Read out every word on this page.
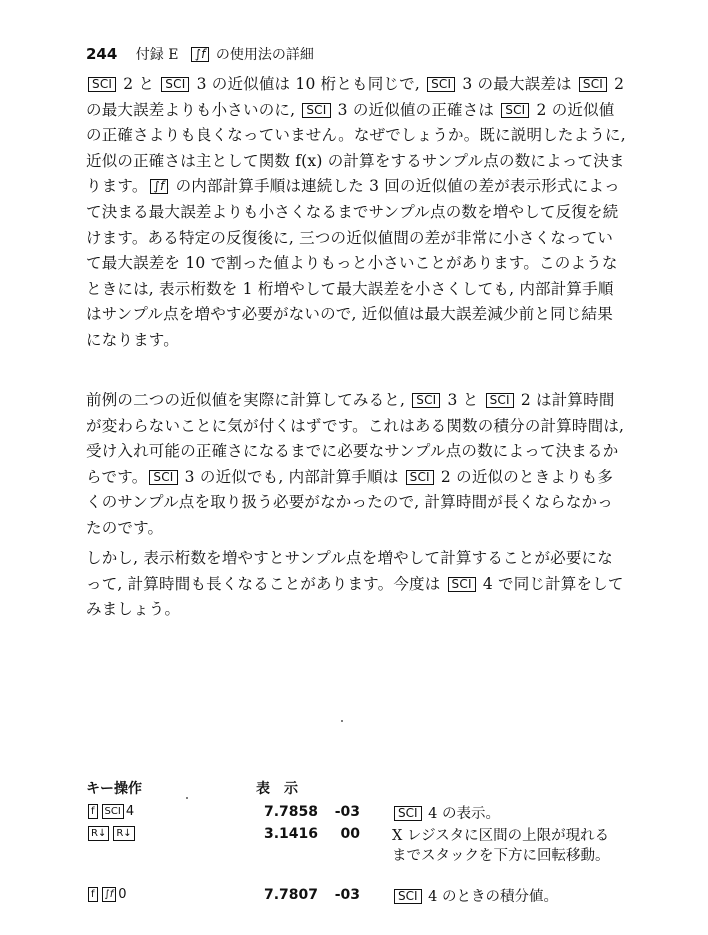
244 付録 E ∫f の使用法の詳細
SCI 2 と SCI 3 の近似値は 10 桁とも同じで, SCI 3 の最大誤差は SCI 2 の最大誤差よりも小さいのに, SCI 3 の近似値の正確さは SCI 2 の近似値の正確さよりも良くなっていません。なぜでしょうか。既に説明したように, 近似の正確さは主として関数 f(x) の計算をするサンプル点の数によって決まります。 ∫f の内部計算手順は連続した 3 回の近似値の差が表示形式によって決まる最大誤差よりも小さくなるまでサンプル点の数を増やして反復を続けます。ある特定の反復後に, 三つの近似値間の差が非常に小さくなっていて最大誤差を 10 で割った値よりもっと小さいことがあります。このようなときには, 表示桁数を 1 桁増やして最大誤差を小さくしても, 内部計算手順はサンプル点を増やす必要がないので, 近似値は最大誤差減少前と同じ結果になります。
前例の二つの近似値を実際に計算してみると, SCI 3 と SCI 2 は計算時間が変わらないことに気が付くはずです。これはある関数の積分の計算時間は, 受け入れ可能の正確さになるまでに必要なサンプル点の数によって決まるからです。 SCI 3 の近似でも, 内部計算手順は SCI 2 の近似のときよりも多くのサンプル点を取り扱う必要がなかったので, 計算時間が長くならなかったのです。
しかし, 表示桁数を増やすとサンプル点を増やして計算することが必要になって, 計算時間も長くなることがあります。今度は SCI 4 で同じ計算をしてみましょう。
キー操作	表　示
f SCI 4	7.7858	-03	SCI 4 の表示。
R↓ R↓	3.1416	00 X レジスタに区間の上限が現れるまでスタックを下方に回転移動。
f ∫f 0	7.7807	-03	SCI 4 のときの積分値。
